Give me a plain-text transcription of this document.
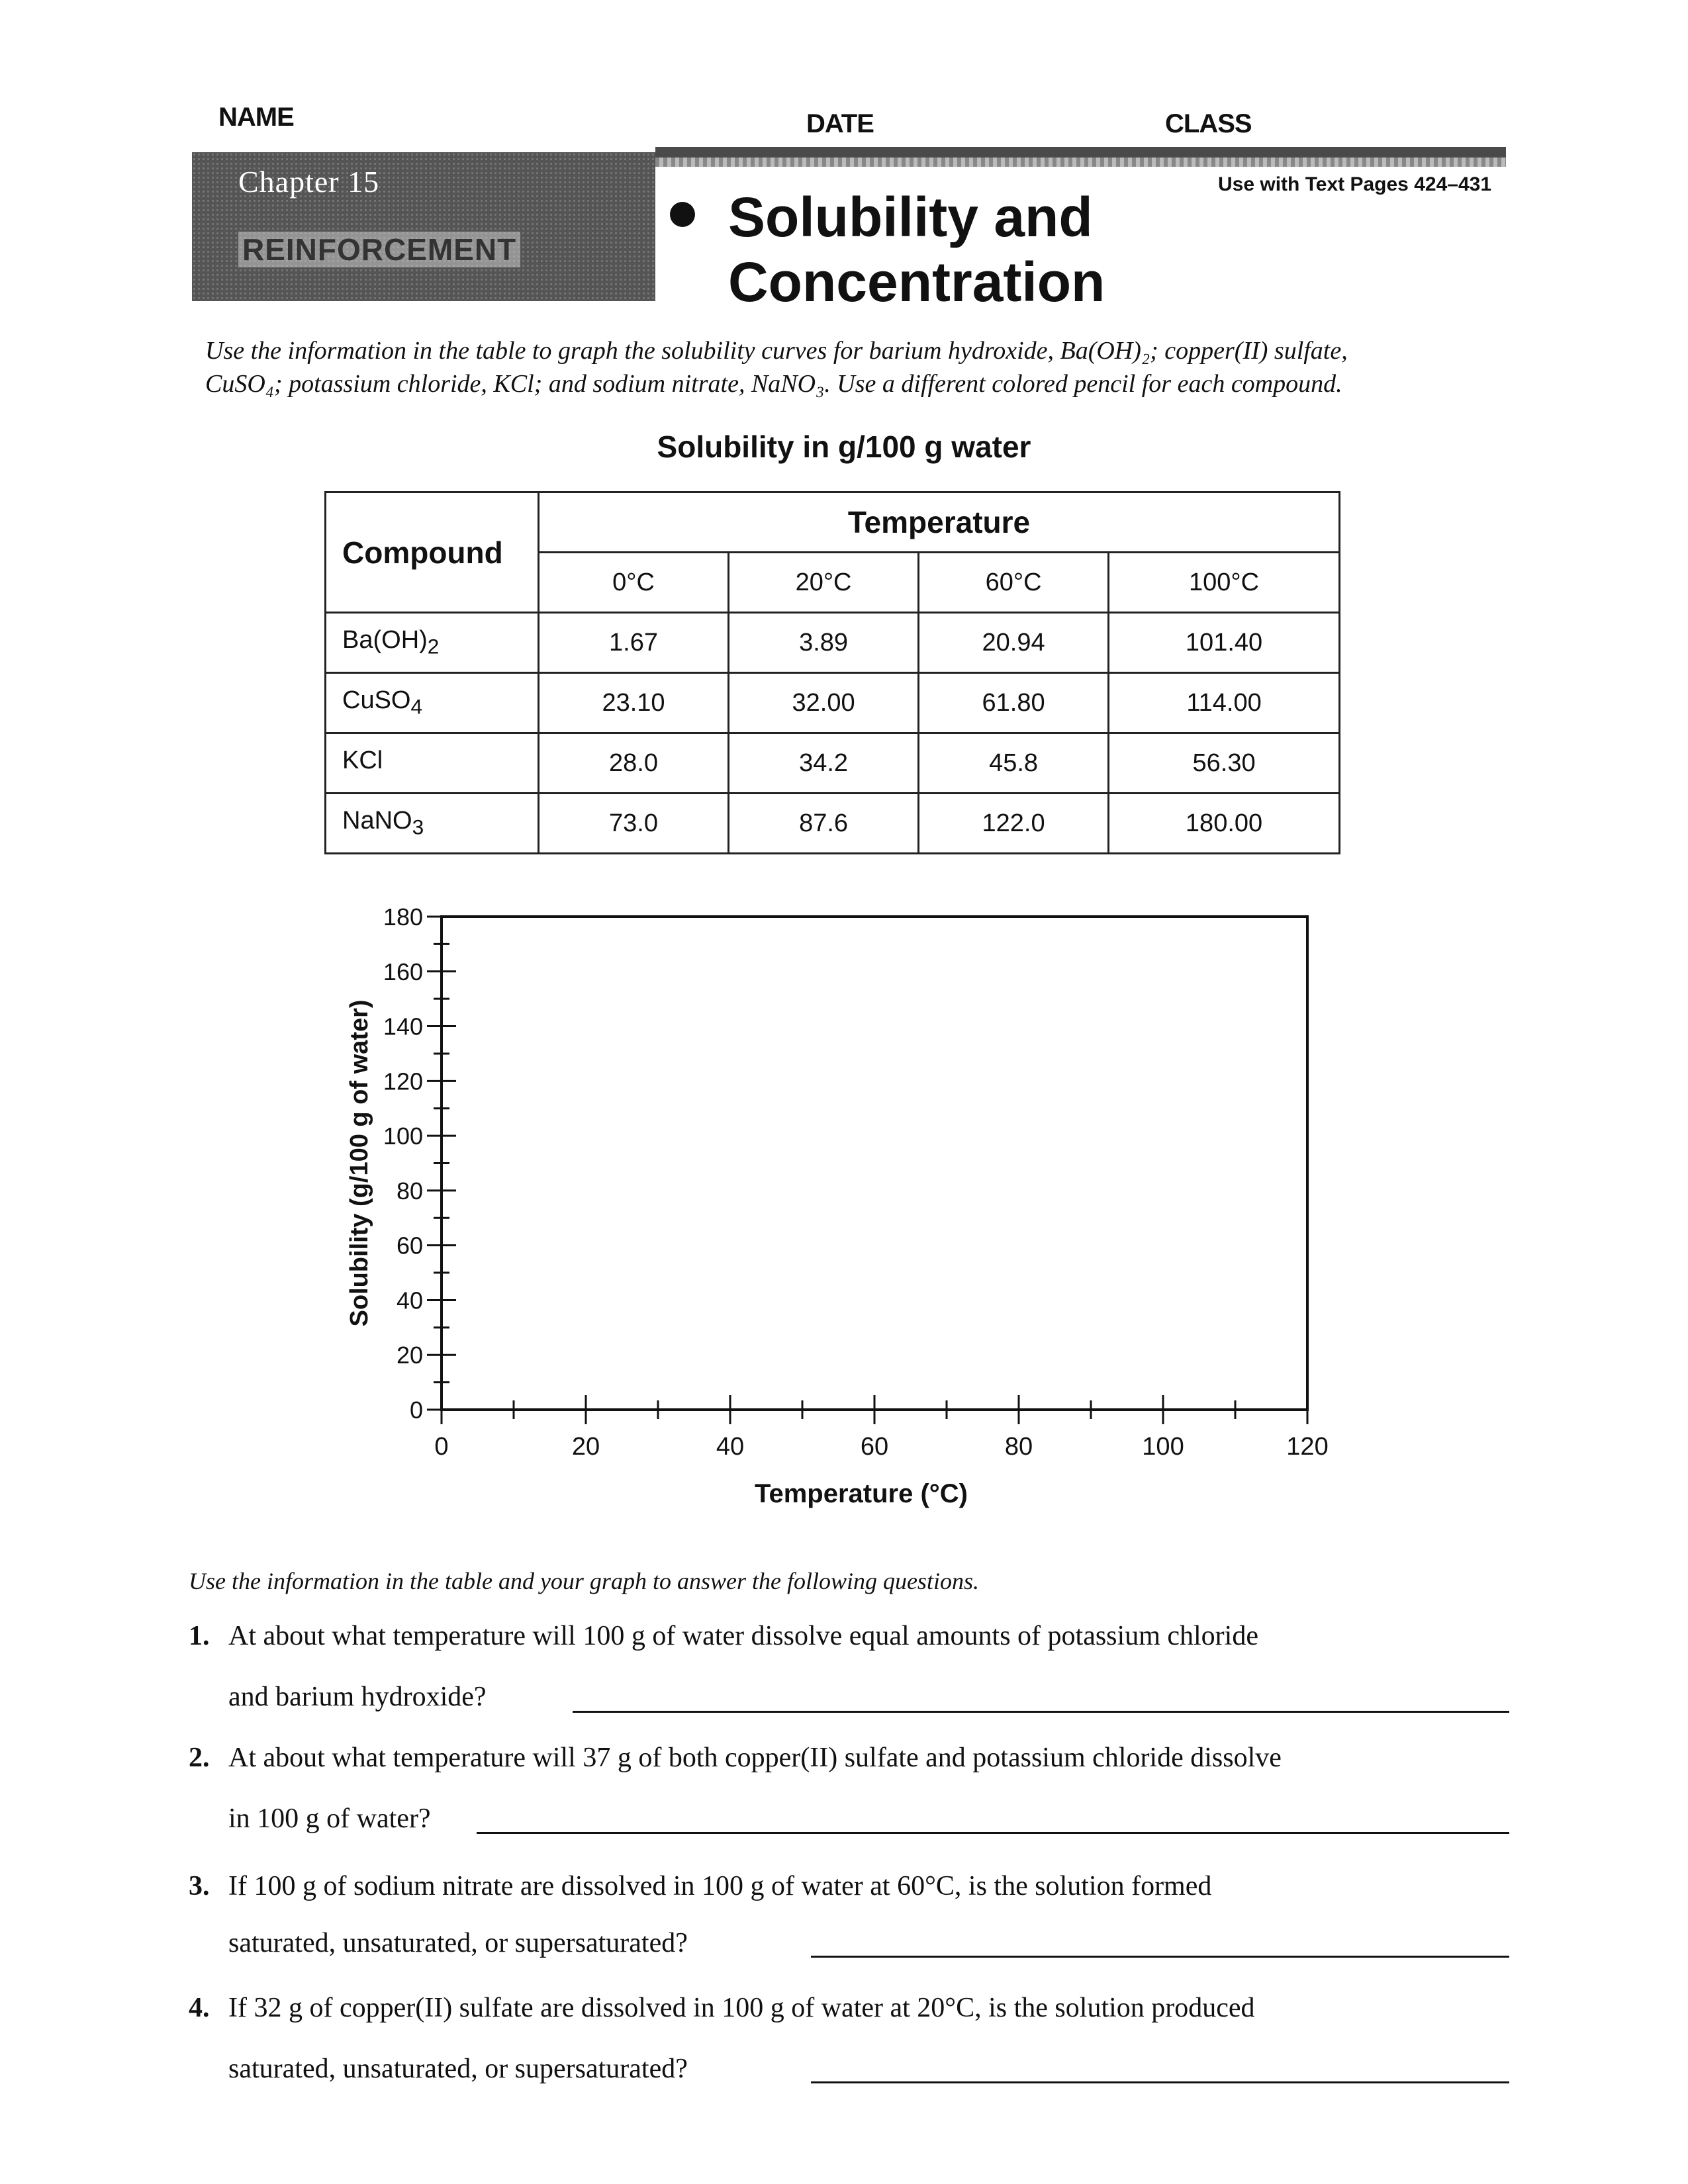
NAME	DATE	CLASS
Chapter 15
REINFORCEMENT
Use with Text Pages 424–431
Solubility and
Concentration
Use the information in the table to graph the solubility curves for barium hydroxide, Ba(OH)₂; copper(II) sulfate,
CuSO₄; potassium chloride, KCl; and sodium nitrate, NaNO₃. Use a different colored pencil for each compound.
Solubility in g/100 g water
Compound	Temperature			
	0°C	20°C	60°C	100°C
$Ba(OH)_2$	1.67	3.89	20.94	101.40
CuSO$_4$	23.10	32.00	61.80	114.00
KCl	28.0	34.2	45.8	56.30
NaNO$_3$	73.0	87.6	122.0	180.00
0
20
40
60
80
100
120
140
160
180
0	20	40	60	80	100	120
Temperature (°C)
Solubility (g/100 g of water)
Use the information in the table and your graph to answer the following questions.
1. At about what temperature will 100 g of water dissolve equal amounts of potassium chloride
and barium hydroxide?
2. At about what temperature will 37 g of both copper(II) sulfate and potassium chloride dissolve
in 100 g of water?
3. If 100 g of sodium nitrate are dissolved in 100 g of water at 60°C, is the solution formed
saturated, unsaturated, or supersaturated?
4. If 32 g of copper(II) sulfate are dissolved in 100 g of water at 20°C, is the solution produced
saturated, unsaturated, or supersaturated?
